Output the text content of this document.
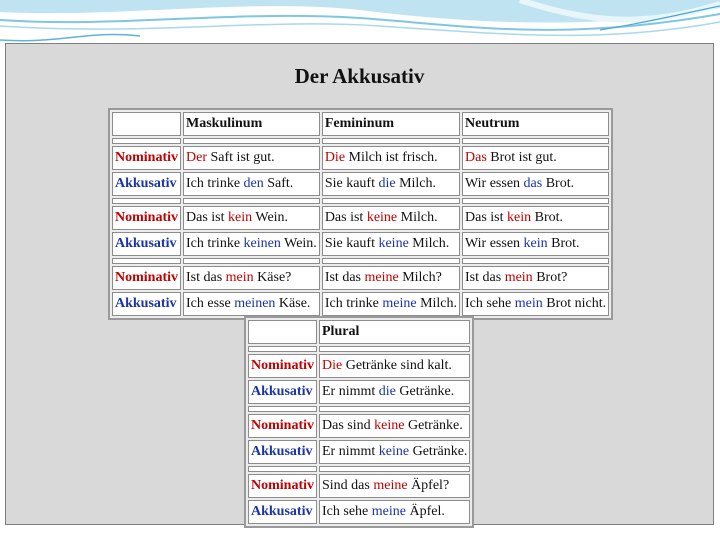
Der Akkusativ
	Maskulinum	Femininum	Neutrum

Nominativ	Der Saft ist gut.	Die Milch ist frisch.	Das Brot ist gut.
Akkusativ	Ich trinke den Saft.	Sie kauft die Milch.	Wir essen das Brot.

Nominativ	Das ist kein Wein.	Das ist keine Milch.	Das ist kein Brot.
Akkusativ	Ich trinke keinen Wein.	Sie kauft keine Milch.	Wir essen kein Brot.

Nominativ	Ist das mein Käse?	Ist das meine Milch?	Ist das mein Brot?
Akkusativ	Ich esse meinen Käse.	Ich trinke meine Milch.	Ich sehe mein Brot nicht.
	Plural

Nominativ	Die Getränke sind kalt.
Akkusativ	Er nimmt die Getränke.

Nominativ	Das sind keine Getränke.
Akkusativ	Er nimmt keine Getränke.

Nominativ	Sind das meine Äpfel?
Akkusativ	Ich sehe meine Äpfel.
